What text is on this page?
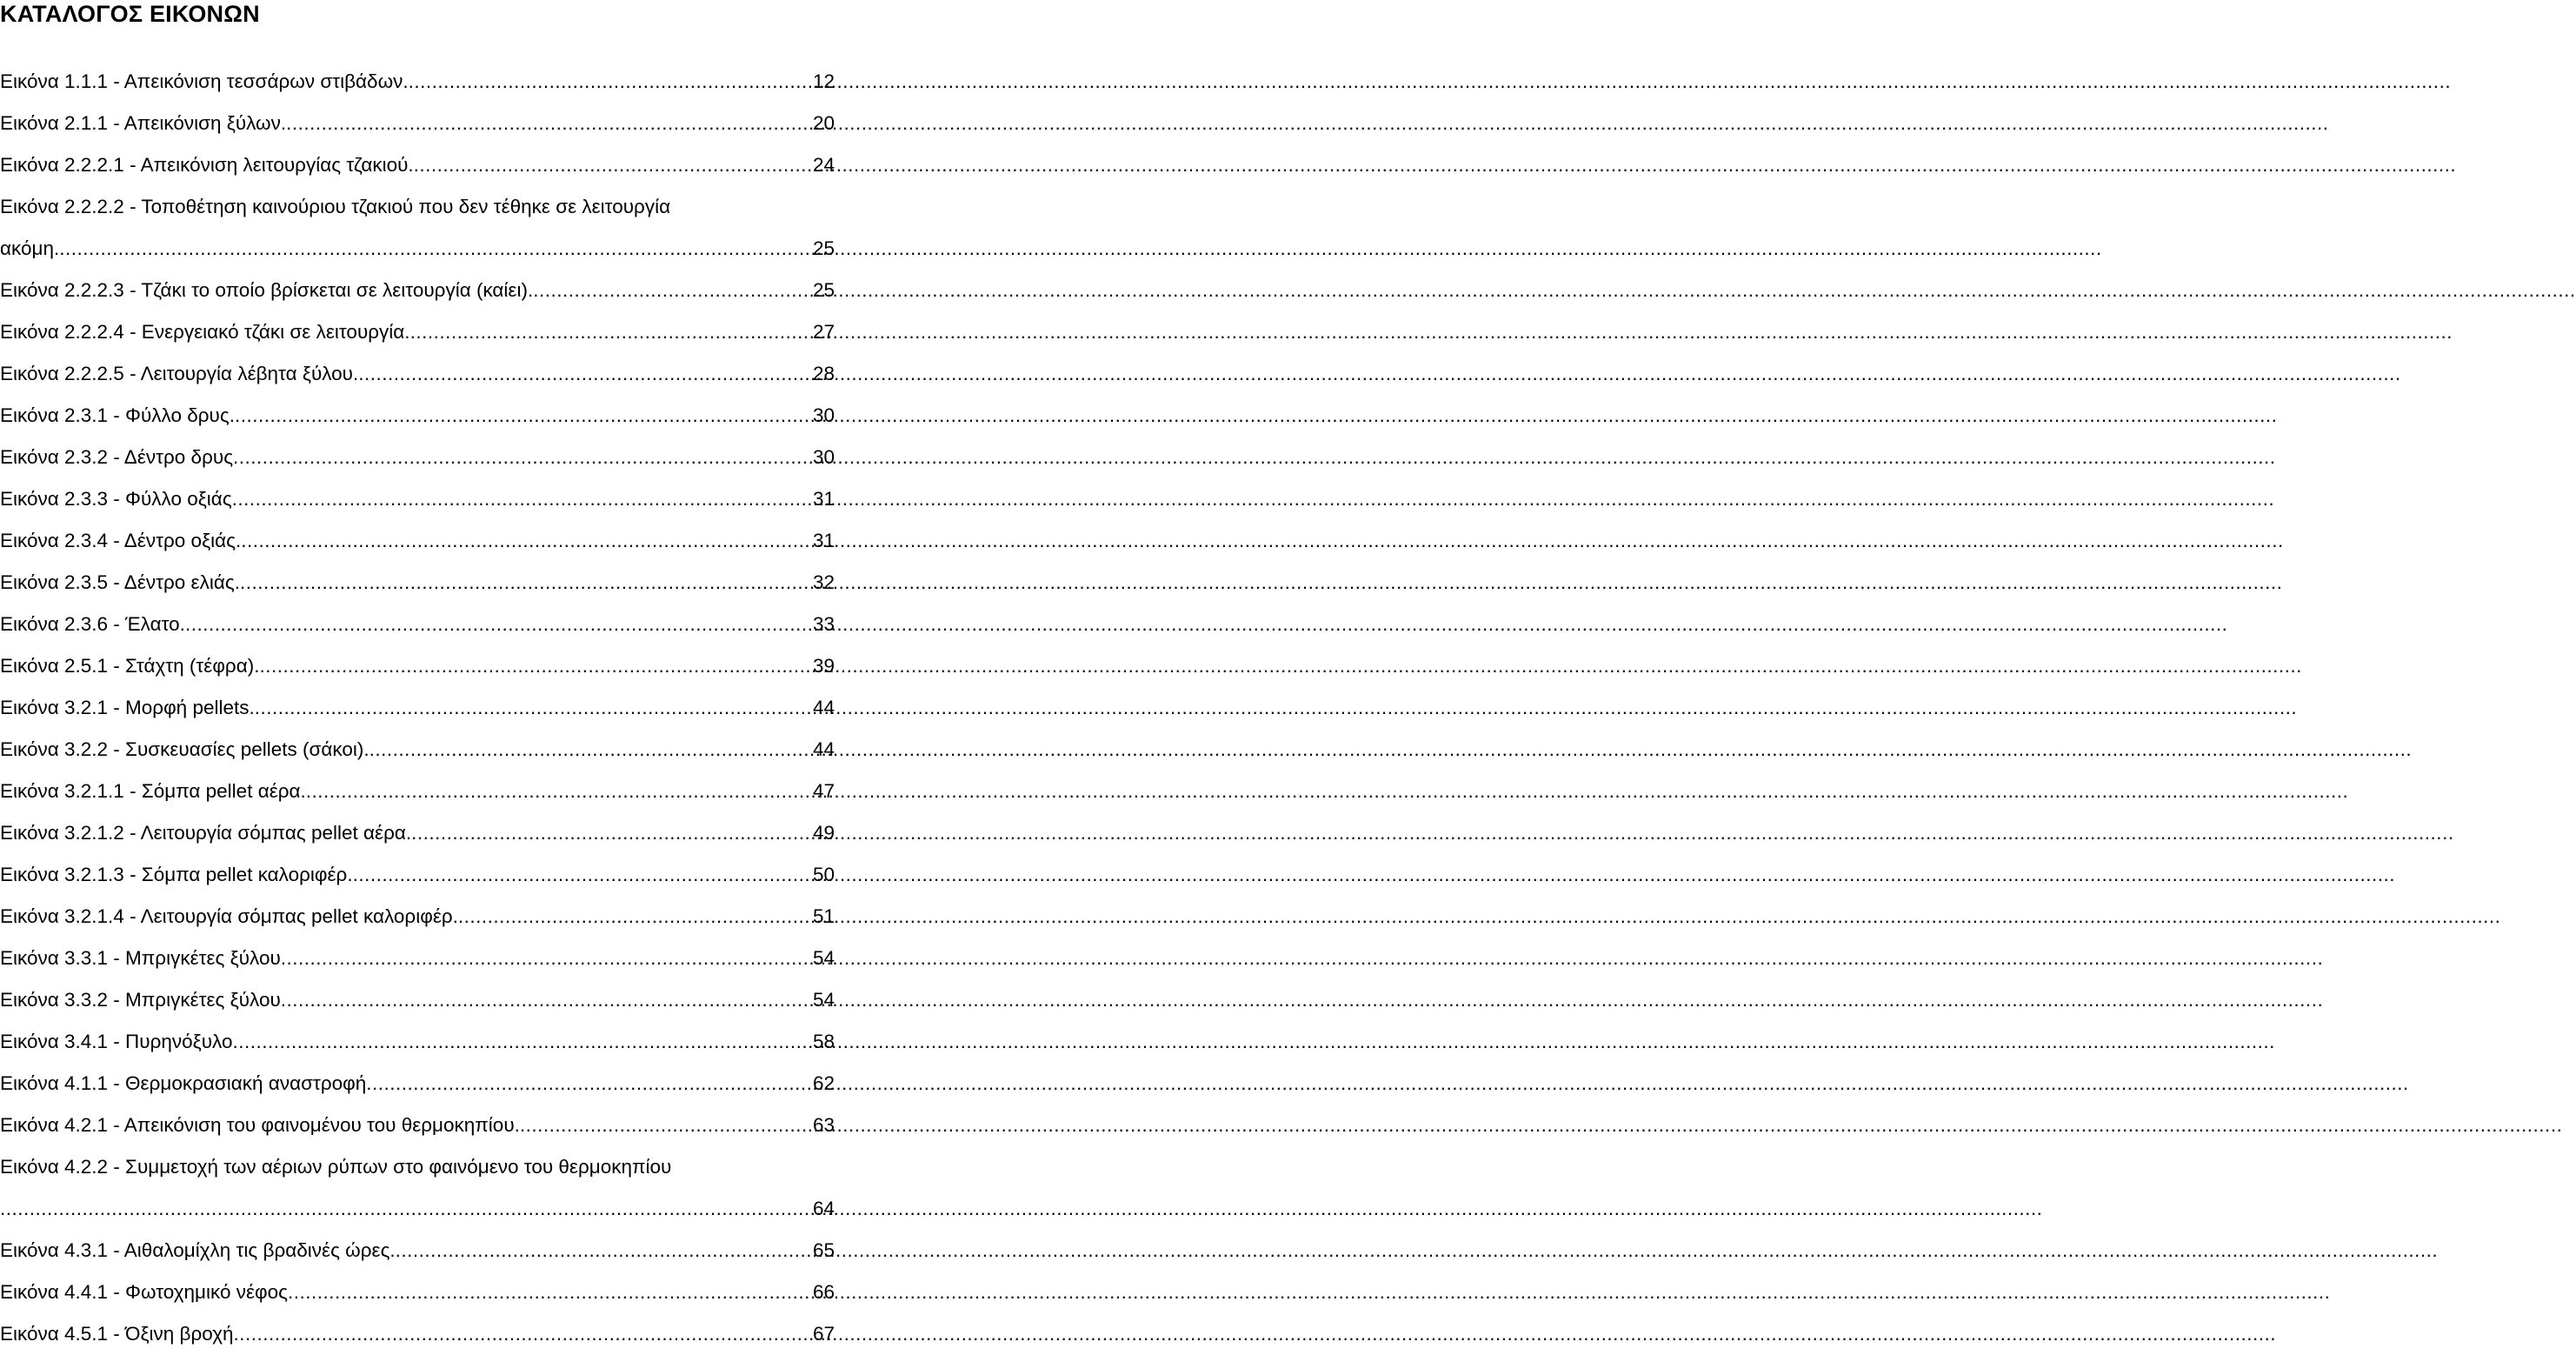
ΚΑΤΑΛΟΓΟΣ ΕΙΚΟΝΩΝ
Εικόνα 1.1.1 - Απεικόνιση τεσσάρων στιβάδων. .....	12
Εικόνα 2.1.1 - Απεικόνιση ξύλων. .....	20
Εικόνα 2.2.2.1 - Απεικόνιση λειτουργίας τζακιού. .....	24
Εικόνα 2.2.2.2 - Τοποθέτηση καινούριου τζακιού που δεν τέθηκε σε λειτουργία
ακόμη. .....	25
Εικόνα 2.2.2.3 - Τζάκι το οποίο βρίσκεται σε λειτουργία (καίει). .....	25
Εικόνα 2.2.2.4 - Ενεργειακό τζάκι σε λειτουργία. .....	27
Εικόνα 2.2.2.5 - Λειτουργία λέβητα ξύλου. .....	28
Εικόνα 2.3.1 - Φύλλο δρυς. .....	30
Εικόνα 2.3.2 - Δέντρο δρυς .....	30
Εικόνα 2.3.3 - Φύλλο οξιάς .....	31
Εικόνα 2.3.4 - Δέντρο οξιάς. .....	31
Εικόνα 2.3.5 - Δέντρο ελιάς. .....	32
Εικόνα 2.3.6 - Έλατο. .....	33
Εικόνα 2.5.1 - Στάχτη (τέφρα). .....	39
Εικόνα 3.2.1 - Μορφή pellets. .....	44
Εικόνα 3.2.2 - Συσκευασίες pellets (σάκοι). .....	44
Εικόνα 3.2.1.1 - Σόμπα pellet αέρα. .....	47
Εικόνα 3.2.1.2 - Λειτουργία σόμπας pellet αέρα. .....	49
Εικόνα 3.2.1.3 - Σόμπα pellet καλοριφέρ. .....	50
Εικόνα 3.2.1.4 - Λειτουργία σόμπας pellet καλοριφέρ. .....	51
Εικόνα 3.3.1 - Μπριγκέτες ξύλου .....	54
Εικόνα 3.3.2 - Μπριγκέτες ξύλου .....	54
Εικόνα 3.4.1 - Πυρηνόξυλο .....	58
Εικόνα 4.1.1 - Θερμοκρασιακή αναστροφή .....	62
Εικόνα 4.2.1 - Απεικόνιση του φαινομένου του θερμοκηπίου. .....	63
Εικόνα 4.2.2 - Συμμετοχή των αέριων ρύπων στο φαινόμενο του θερμοκηπίου
.....
64
Εικόνα 4.3.1 - Αιθαλομίχλη τις βραδινές ώρες. .....	65
Εικόνα 4.4.1 - Φωτοχημικό νέφος .....	66
Εικόνα 4.5.1 - Όξινη βροχή .....	67
